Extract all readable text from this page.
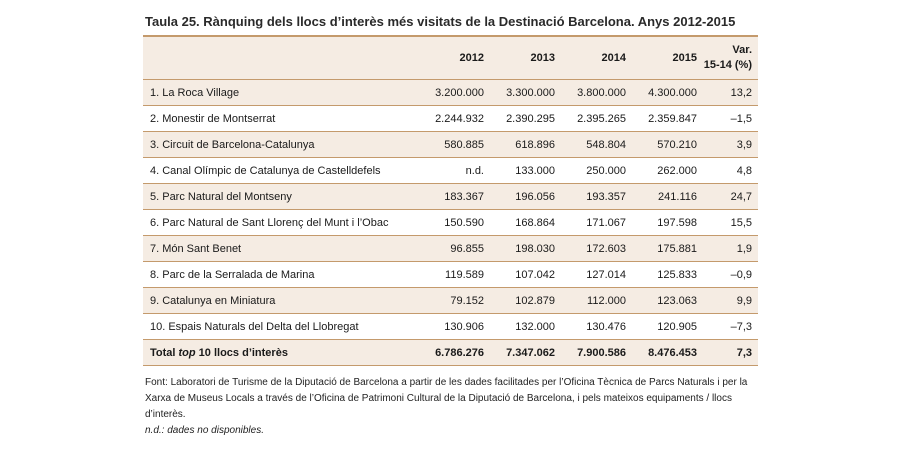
Taula 25. Rànquing dels llocs d’interès més visitats de la Destinació Barcelona. Anys 2012-2015
	2012	2013	2014	2015	Var.
15-14 (%)
1. La Roca Village	3.200.000	3.300.000	3.800.000	4.300.000	13,2
2. Monestir de Montserrat	2.244.932	2.390.295	2.395.265	2.359.847	–1,5
3. Circuit de Barcelona-Catalunya	580.885	618.896	548.804	570.210	3,9
4. Canal Olímpic de Catalunya de Castelldefels	n.d.	133.000	250.000	262.000	4,8
5. Parc Natural del Montseny	183.367	196.056	193.357	241.116	24,7
6. Parc Natural de Sant Llorenç del Munt i l’Obac	150.590	168.864	171.067	197.598	15,5
7. Món Sant Benet	96.855	198.030	172.603	175.881	1,9
8. Parc de la Serralada de Marina	119.589	107.042	127.014	125.833	–0,9
9. Catalunya en Miniatura	79.152	102.879	112.000	123.063	9,9
10. Espais Naturals del Delta del Llobregat	130.906	132.000	130.476	120.905	–7,3
Total top 10 llocs d’interès	6.786.276	7.347.062	7.900.586	8.476.453	7,3
Font: Laboratori de Turisme de la Diputació de Barcelona a partir de les dades facilitades per l’Oficina Tècnica de Parcs Naturals i per la Xarxa de Museus Locals a través de l’Oficina de Patrimoni Cultural de la Diputació de Barcelona, i pels mateixos equipaments / llocs d’interès.
n.d.: dades no disponibles.
